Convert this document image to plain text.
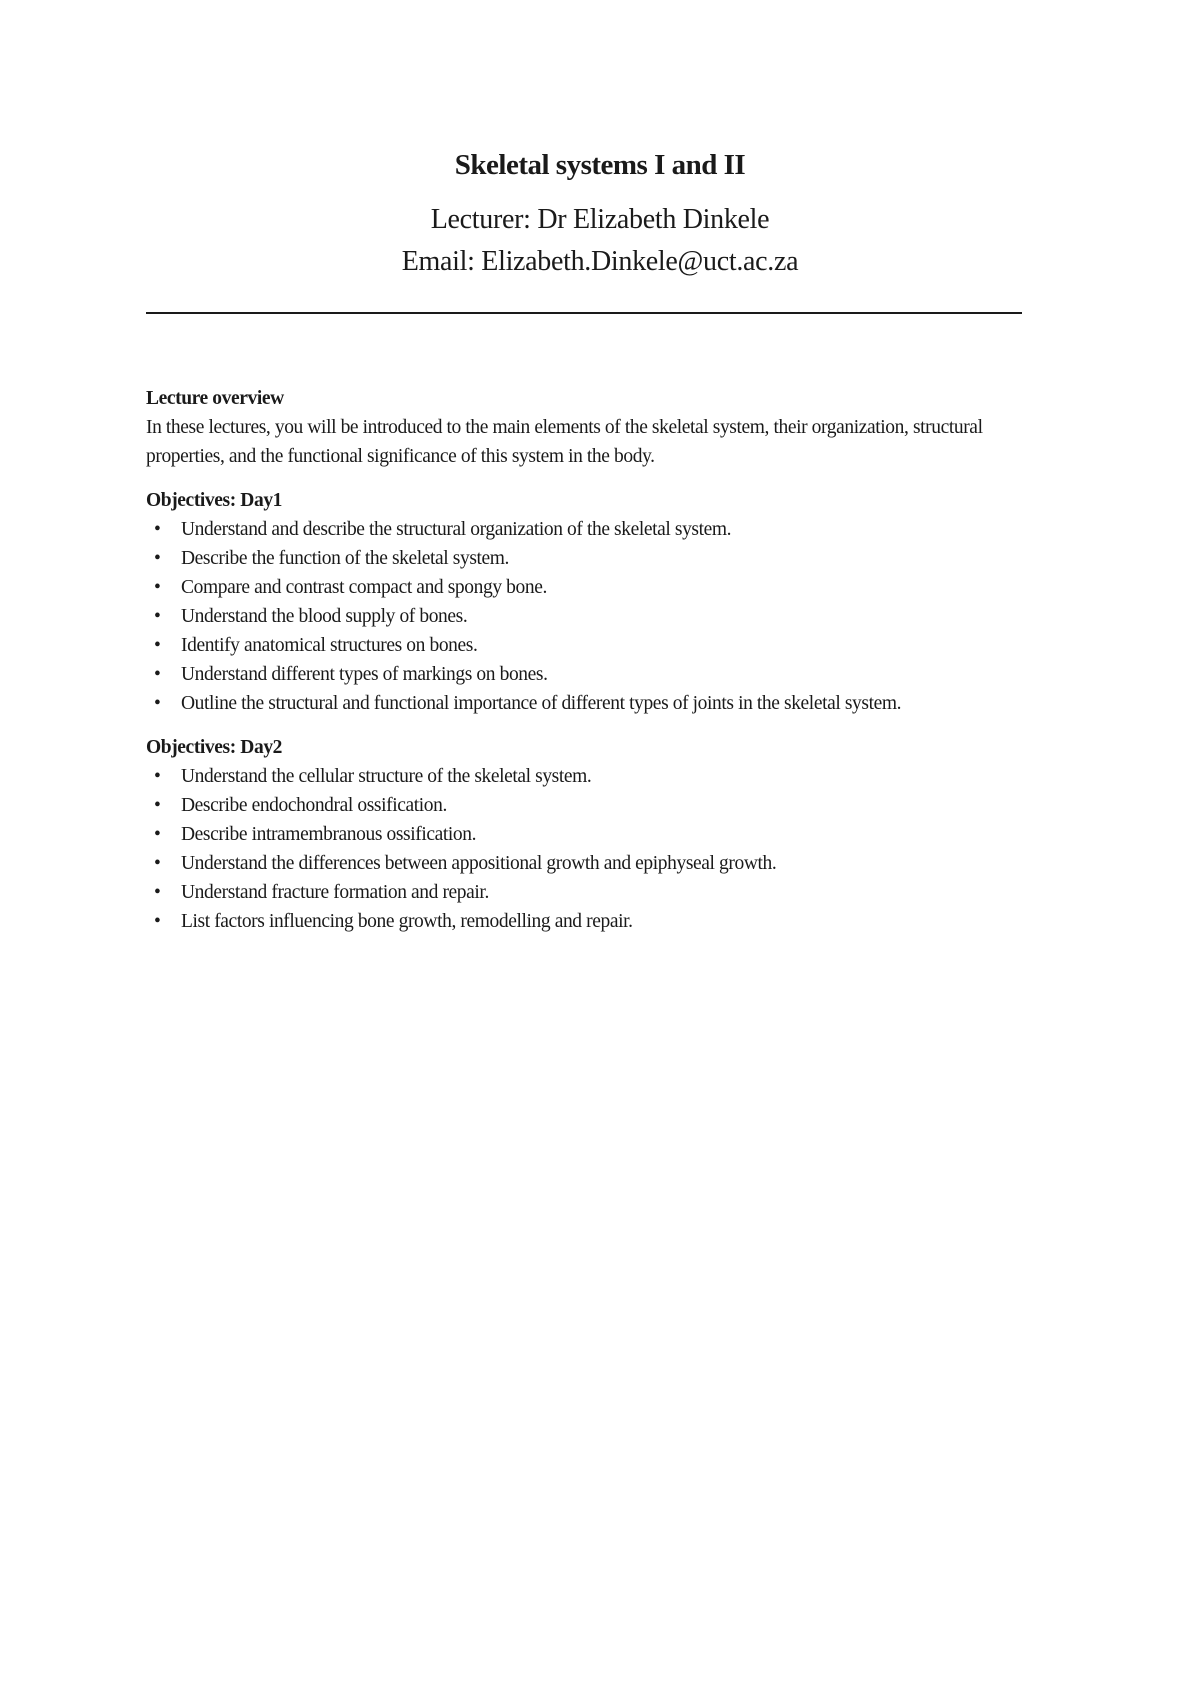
Skeletal systems I and II

Lecturer: Dr Elizabeth Dinkele

Email: Elizabeth.Dinkele@uct.ac.za

Lecture overview

In these lectures, you will be introduced to the main elements of the skeletal system, their organization, structural properties, and the functional significance of this system in the body.

Objectives: Day1

• Understand and describe the structural organization of the skeletal system.
• Describe the function of the skeletal system.
• Compare and contrast compact and spongy bone.
• Understand the blood supply of bones.
• Identify anatomical structures on bones.
• Understand different types of markings on bones.
• Outline the structural and functional importance of different types of joints in the skeletal system.

Objectives: Day2

• Understand the cellular structure of the skeletal system.
• Describe endochondral ossification.
• Describe intramembranous ossification.
• Understand the differences between appositional growth and epiphyseal growth.
• Understand fracture formation and repair.
• List factors influencing bone growth, remodelling and repair.
